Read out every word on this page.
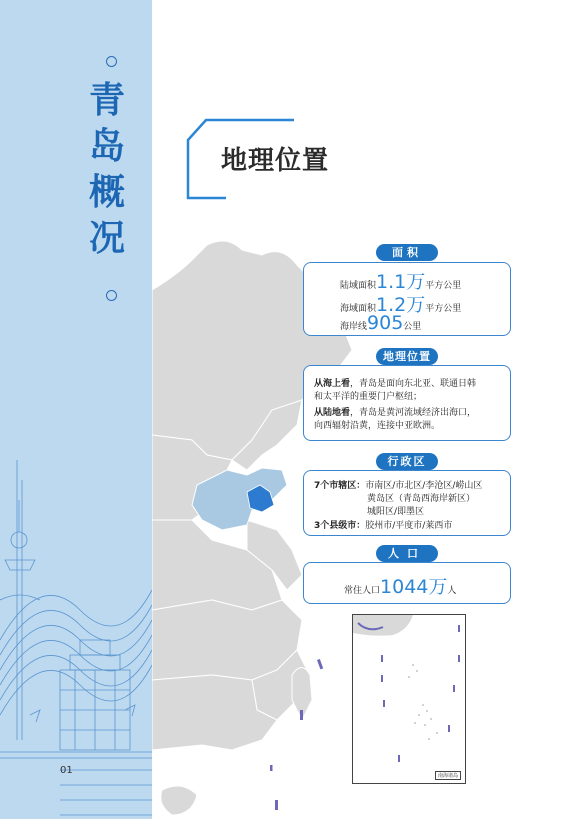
青
岛
概
况
01
地理位置
面积
陆域面积1.1万平方公里
海域面积1.2万平方公里
海岸线905公里
地理位置
从海上看，青岛是面向东北亚、联通日韩
和太平洋的重要门户枢纽；
从陆地看，青岛是黄河流域经济出海口，
向西辐射沿黄，连接中亚欧洲。
行政区
7个市辖区：市南区/市北区/李沧区/崂山区
黄岛区（青岛西海岸新区）
城阳区/即墨区
3个县级市：胶州市/平度市/莱西市
人口
常住人口1044万人
南海诸岛
